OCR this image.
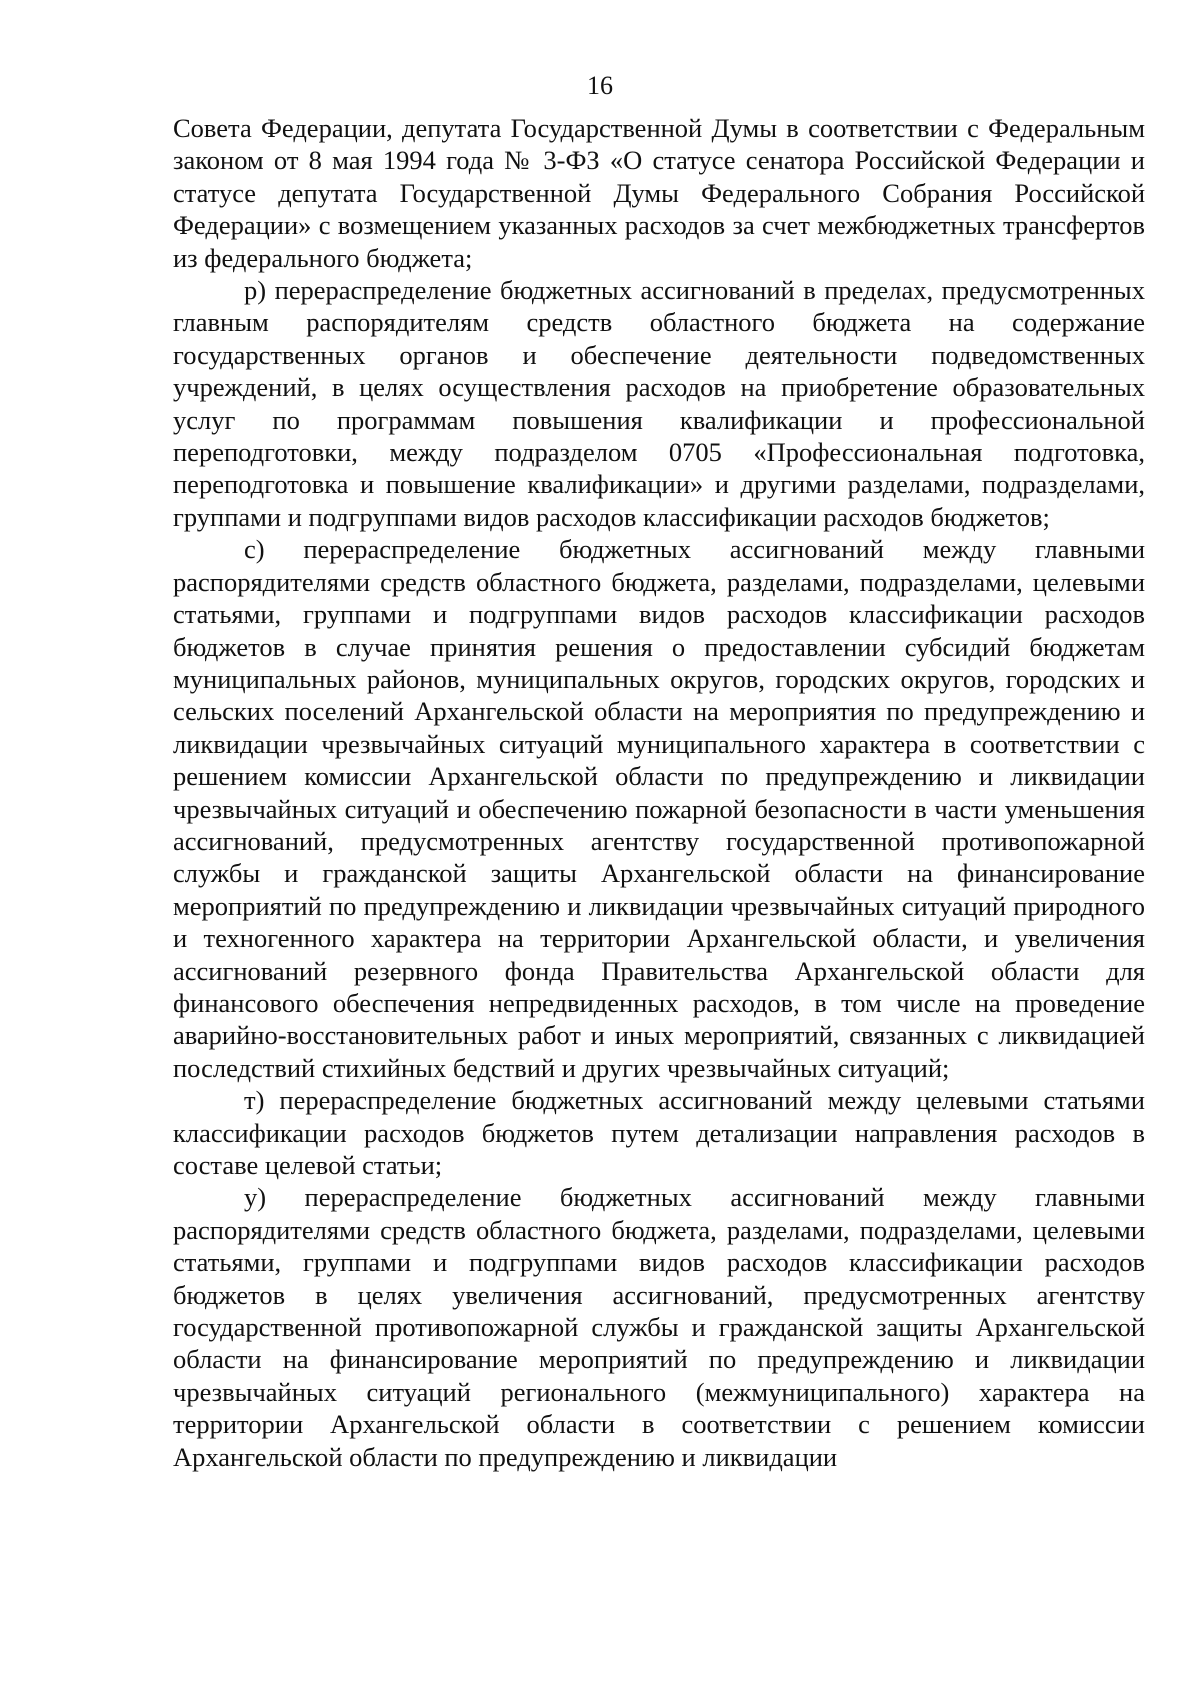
16

Совета Федерации, депутата Государственной Думы в соответствии с Федеральным законом от 8 мая 1994 года № 3-ФЗ «О статусе сенатора Российской Федерации и статусе депутата Государственной Думы Федерального Собрания Российской Федерации» с возмещением указанных расходов за счет межбюджетных трансфертов из федерального бюджета;

р) перераспределение бюджетных ассигнований в пределах, предусмотренных главным распорядителям средств областного бюджета на содержание государственных органов и обеспечение деятельности подведомственных учреждений, в целях осуществления расходов на приобретение образовательных услуг по программам повышения квалификации и профессиональной переподготовки, между подразделом 0705 «Профессиональная подготовка, переподготовка и повышение квалификации» и другими разделами, подразделами, группами и подгруппами видов расходов классификации расходов бюджетов;

с) перераспределение бюджетных ассигнований между главными распорядителями средств областного бюджета, разделами, подразделами, целевыми статьями, группами и подгруппами видов расходов классификации расходов бюджетов в случае принятия решения о предоставлении субсидий бюджетам муниципальных районов, муниципальных округов, городских округов, городских и сельских поселений Архангельской области на мероприятия по предупреждению и ликвидации чрезвычайных ситуаций муниципального характера в соответствии с решением комиссии Архангельской области по предупреждению и ликвидации чрезвычайных ситуаций и обеспечению пожарной безопасности в части уменьшения ассигнований, предусмотренных агентству государственной противопожарной службы и гражданской защиты Архангельской области на финансирование мероприятий по предупреждению и ликвидации чрезвычайных ситуаций природного и техногенного характера на территории Архангельской области, и увеличения ассигнований резервного фонда Правительства Архангельской области для финансового обеспечения непредвиденных расходов, в том числе на проведение аварийно-восстановительных работ и иных мероприятий, связанных с ликвидацией последствий стихийных бедствий и других чрезвычайных ситуаций;

т) перераспределение бюджетных ассигнований между целевыми статьями классификации расходов бюджетов путем детализации направления расходов в составе целевой статьи;

у) перераспределение бюджетных ассигнований между главными распорядителями средств областного бюджета, разделами, подразделами, целевыми статьями, группами и подгруппами видов расходов классификации расходов бюджетов в целях увеличения ассигнований, предусмотренных агентству государственной противопожарной службы и гражданской защиты Архангельской области на финансирование мероприятий по предупреждению и ликвидации чрезвычайных ситуаций регионального (межмуниципального) характера на территории Архангельской области в соответствии с решением комиссии Архангельской области по предупреждению и ликвидации
